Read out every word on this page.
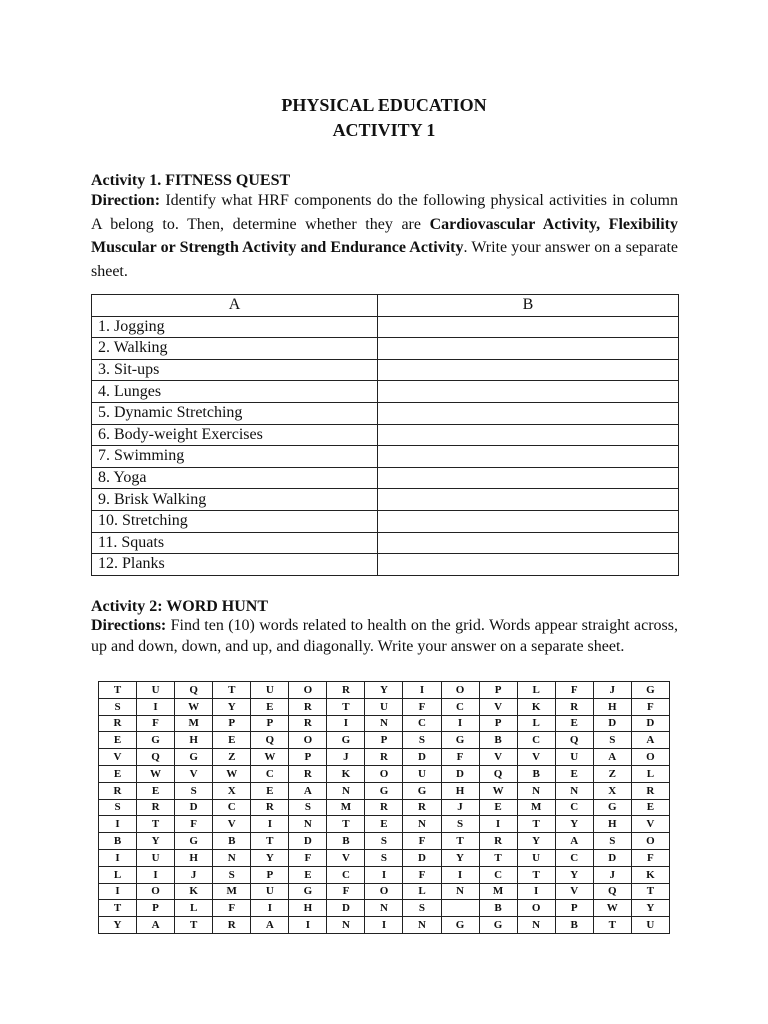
PHYSICAL EDUCATION
ACTIVITY 1
Activity 1. FITNESS QUEST
Direction: Identify what HRF components do the following physical activities in column A belong to. Then, determine whether they are Cardiovascular Activity, Flexibility Muscular or Strength Activity and Endurance Activity. Write your answer on a separate sheet.
A	B
1. Jogging	
2. Walking	
3. Sit-ups	
4. Lunges	
5. Dynamic Stretching	
6. Body-weight Exercises	
7. Swimming	
8. Yoga	
9. Brisk Walking	
10. Stretching	
11. Squats	
12. Planks	
Activity 2: WORD HUNT
Directions: Find ten (10) words related to health on the grid. Words appear straight across, up and down, down, and up, and diagonally. Write your answer on a separate sheet.
T	U	Q	T	U	O	R	Y	I	O	P	L	F	J	G
S	I	W	Y	E	R	T	U	F	C	V	K	R	H	F
R	F	M	P	P	R	I	N	C	I	P	L	E	D	D
E	G	H	E	Q	O	G	P	S	G	B	C	Q	S	A
V	Q	G	Z	W	P	J	R	D	F	V	V	U	A	O
E	W	V	W	C	R	K	O	U	D	Q	B	E	Z	L
R	E	S	X	E	A	N	G	G	H	W	N	N	X	R
S	R	D	C	R	S	M	R	R	J	E	M	C	G	E
I	T	F	V	I	N	T	E	N	S	I	T	Y	H	V
B	Y	G	B	T	D	B	S	F	T	R	Y	A	S	O
I	U	H	N	Y	F	V	S	D	Y	T	U	C	D	F
L	I	J	S	P	E	C	I	F	I	C	T	Y	J	K
I	O	K	M	U	G	F	O	L	N	M	I	V	Q	T
T	P	L	F	I	H	D	N	S		B	O	P	W	Y
Y	A	T	R	A	I	N	I	N	G	G	N	B	T	U
